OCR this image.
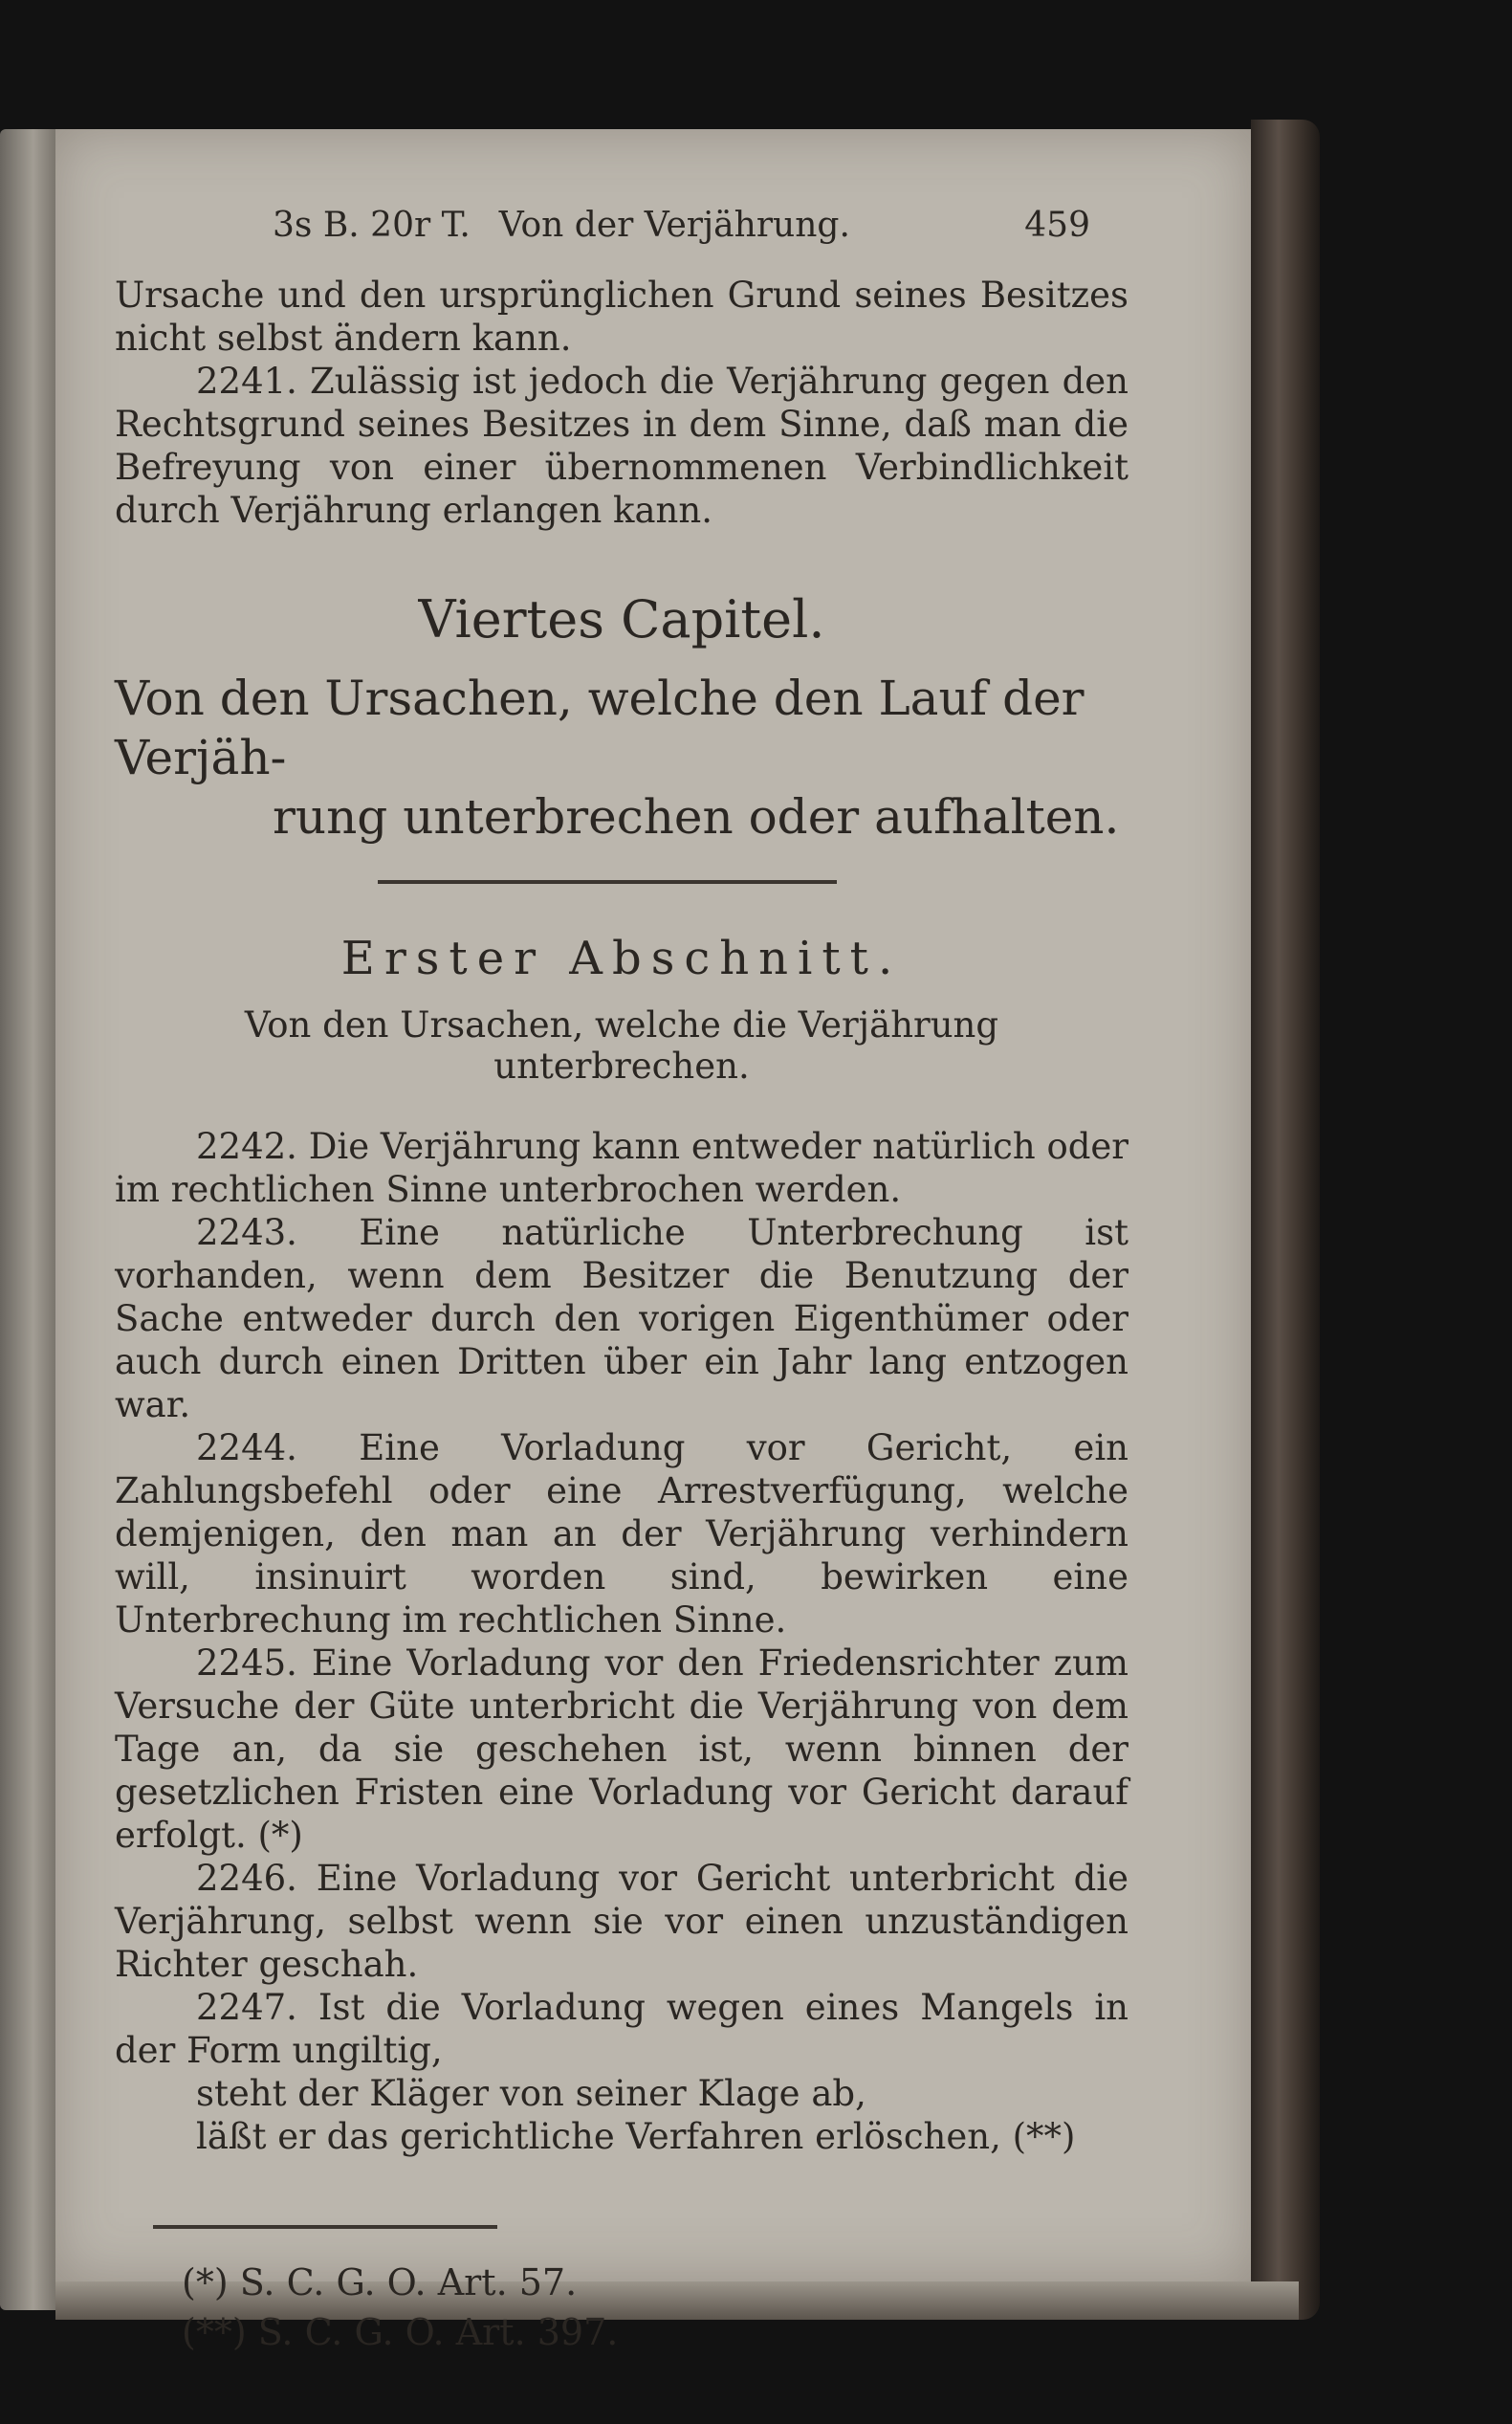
3s B. 20r T. Von der Verjährung.	459

Ursache und den ursprünglichen Grund seines Besitzes nicht selbst ändern kann.

2241. Zulässig ist jedoch die Verjährung gegen den Rechtsgrund seines Besitzes in dem Sinne, daß man die Befreyung von einer übernommenen Verbindlichkeit durch Verjährung erlangen kann.

Viertes Capitel.
Von den Ursachen, welche den Lauf der Verjäh-
rung unterbrechen oder aufhalten.
Erster Abschnitt.
Von den Ursachen, welche die Verjährung unterbrechen.

2242. Die Verjährung kann entweder natürlich oder im rechtlichen Sinne unterbrochen werden.

2243. Eine natürliche Unterbrechung ist vorhanden, wenn dem Besitzer die Benutzung der Sache entweder durch den vorigen Eigenthümer oder auch durch einen Dritten über ein Jahr lang entzogen war.

2244. Eine Vorladung vor Gericht, ein Zahlungsbefehl oder eine Arrestverfügung, welche demjenigen, den man an der Verjährung verhindern will, insinuirt worden sind, bewirken eine Unterbrechung im rechtlichen Sinne.

2245. Eine Vorladung vor den Friedensrichter zum Versuche der Güte unterbricht die Verjährung von dem Tage an, da sie geschehen ist, wenn binnen der gesetzlichen Fristen eine Vorladung vor Gericht darauf erfolgt. (*)

2246. Eine Vorladung vor Gericht unterbricht die Verjährung, selbst wenn sie vor einen unzuständigen Richter geschah.

2247. Ist die Vorladung wegen eines Mangels in der Form ungiltig,

steht der Kläger von seiner Klage ab,
läßt er das gerichtliche Verfahren erlöschen, (**)
(*) S. C. G. O. Art. 57.
(**) S. C. G. O. Art. 397.
